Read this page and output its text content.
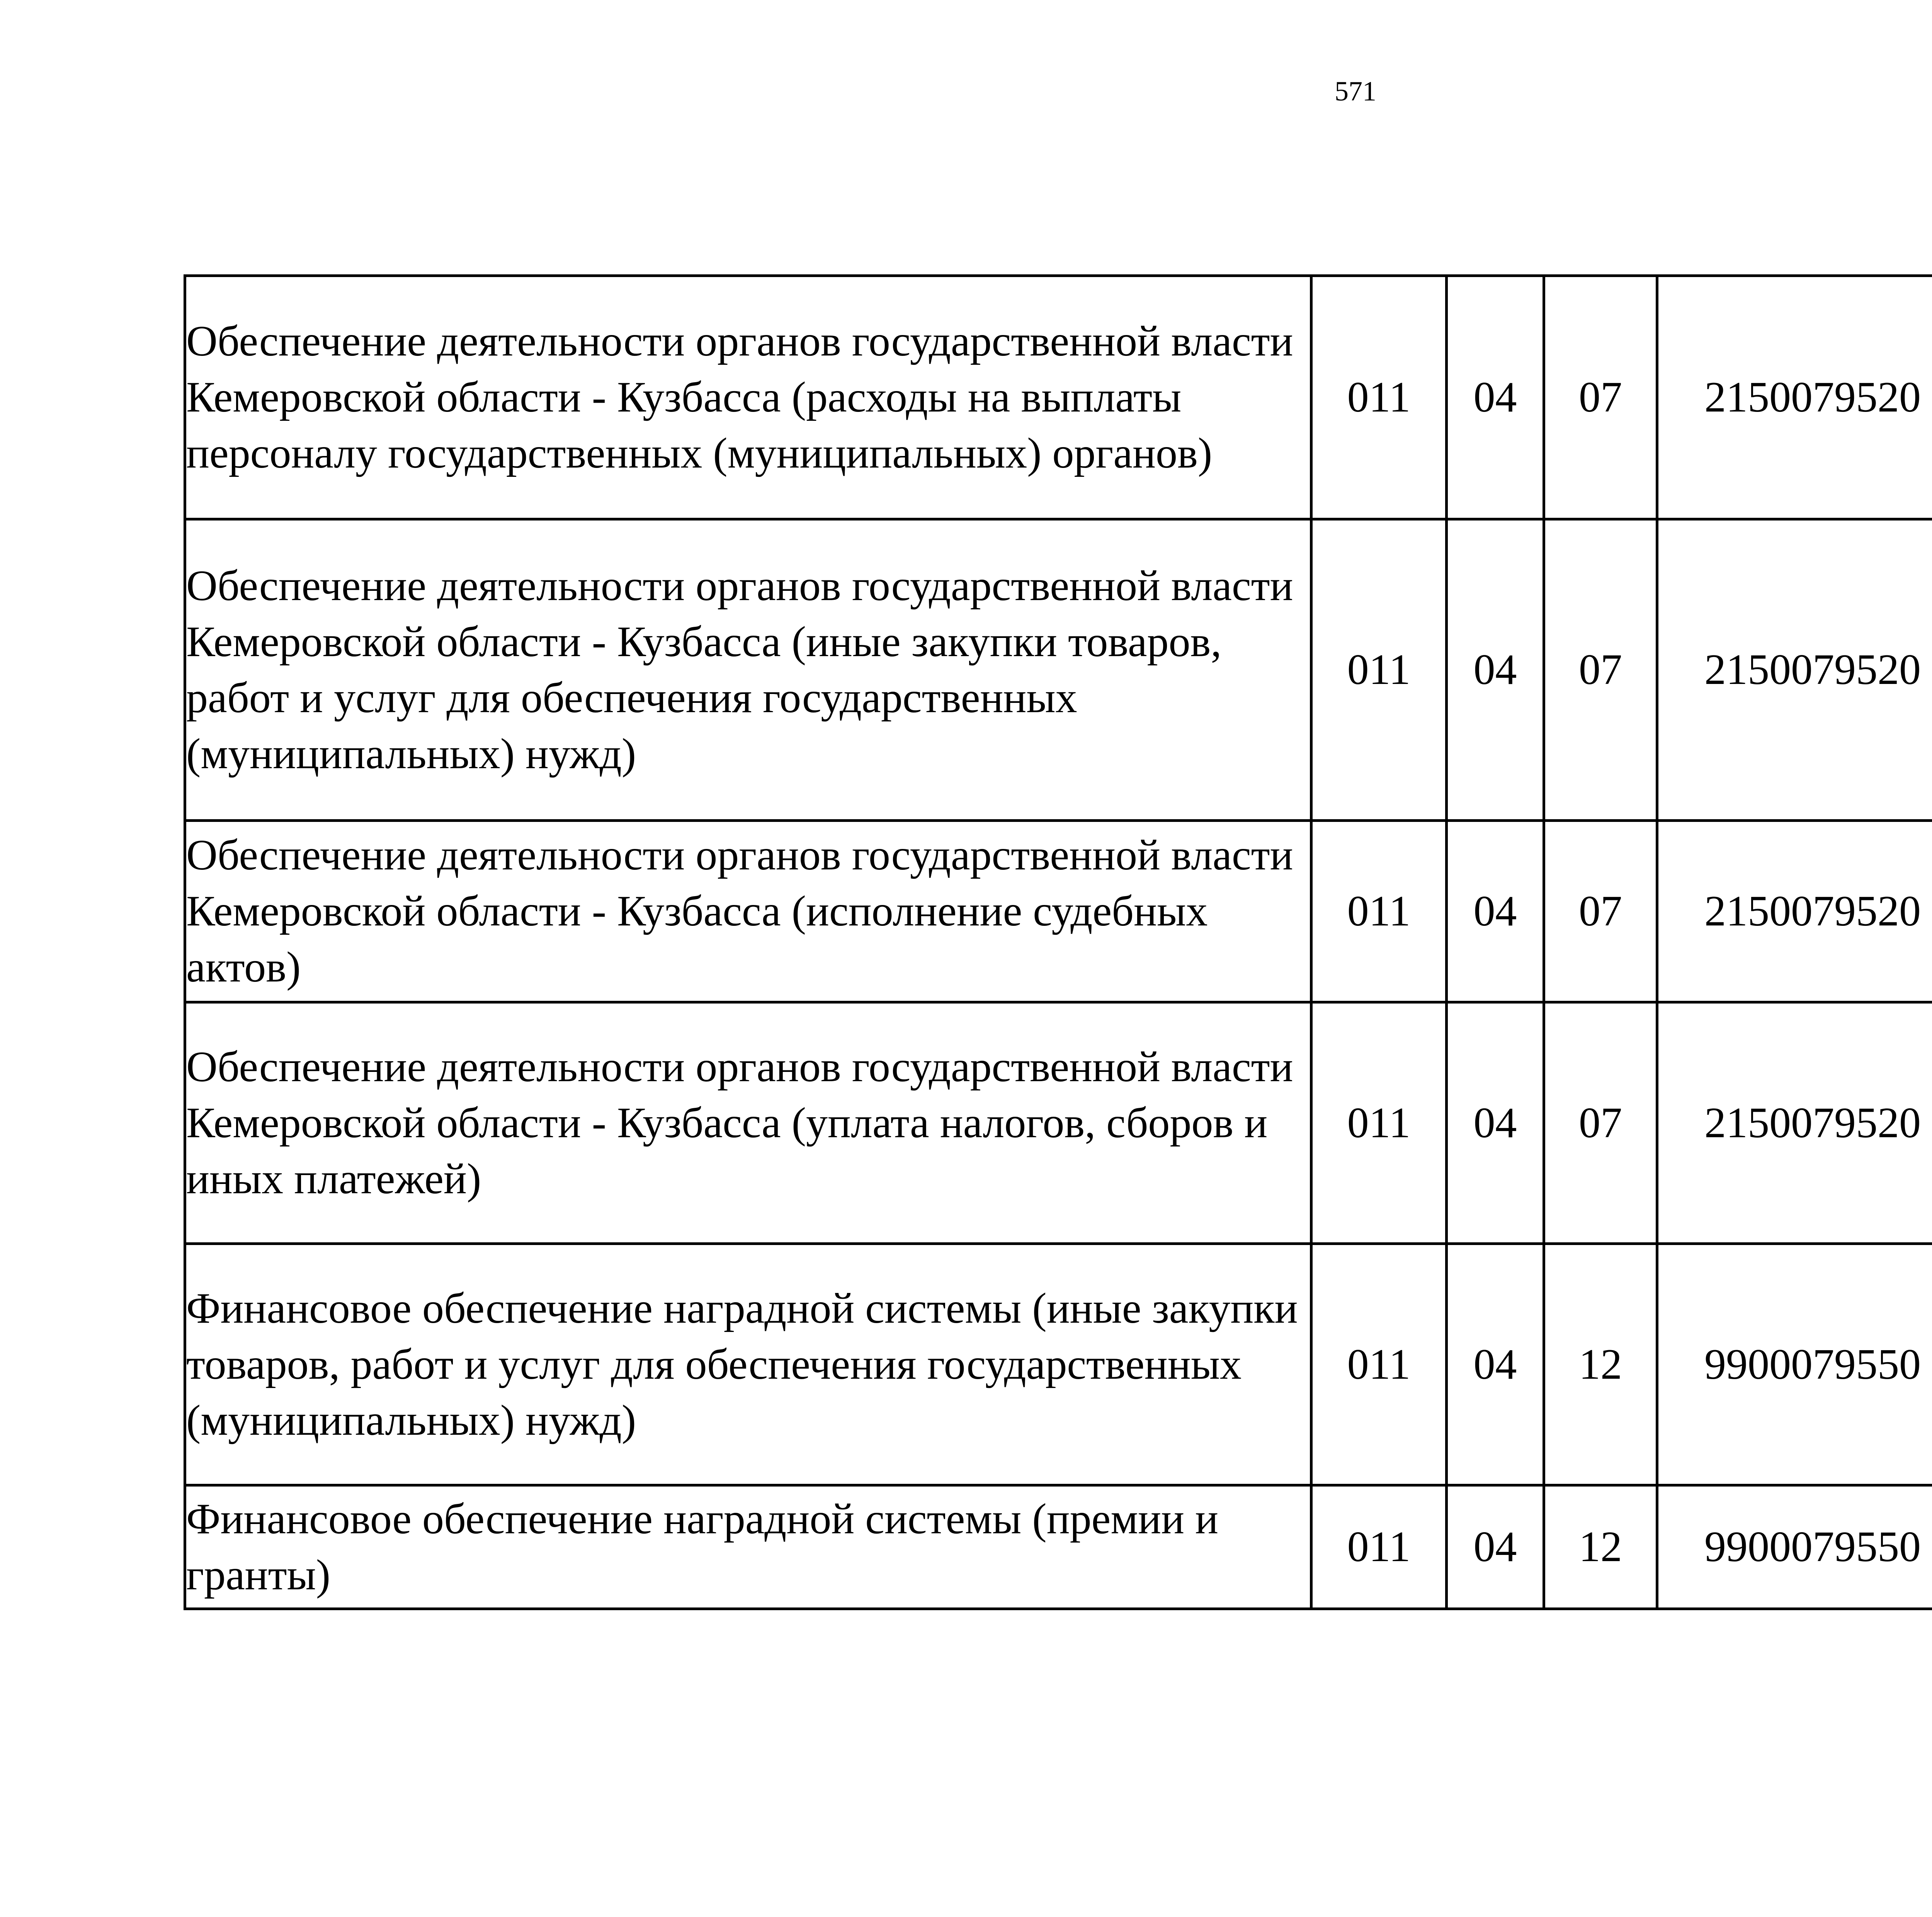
571
Обеспечение деятельности органов государственной власти Кемеровской области - Кузбасса (расходы на выплаты персоналу государственных (муниципальных) органов)	011	04	07	2150079520		
Обеспечение деятельности органов государственной власти Кемеровской области - Кузбасса (иные закупки товаров, работ и услуг для обеспечения государственных (муниципальных) нужд)	011	04	07	2150079520		
Обеспечение деятельности органов государственной власти Кемеровской области - Кузбасса (исполнение судебных актов)	011	04	07	2150079520		
Обеспечение деятельности органов государственной власти Кемеровской области - Кузбасса (уплата налогов, сборов и иных платежей)	011	04	07	2150079520		
Финансовое обеспечение наградной системы (иные закупки товаров, работ и услуг для обеспечения государственных (муниципальных) нужд)	011	04	12	9900079550		
Финансовое обеспечение наградной системы (премии и гранты)	011	04	12	9900079550		
